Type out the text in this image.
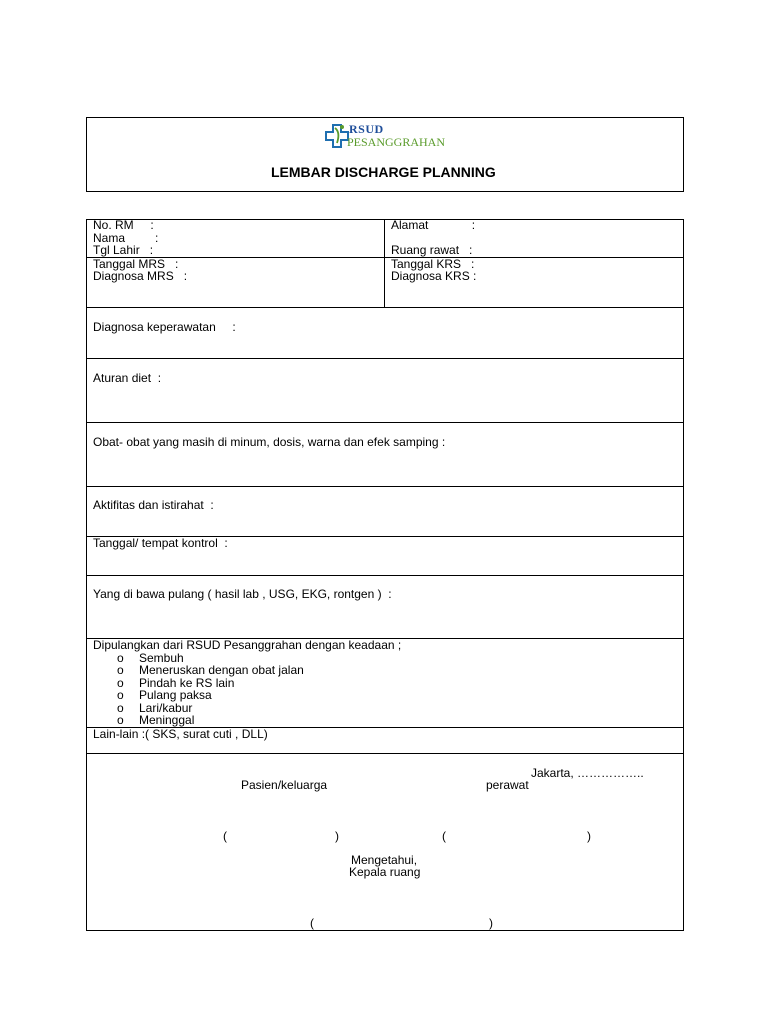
RSUD
PESANGGRAHAN
LEMBAR DISCHARGE PLANNING
No. RM     :
Nama         :
Tgl Lahir   :
Tanggal MRS   :
Diagnosa MRS   :
Alamat             :
Ruang rawat   :
Tanggal KRS   :
Diagnosa KRS :
Diagnosa keperawatan     :
Aturan diet  :
Obat- obat yang masih di minum, dosis, warna dan efek samping :
Aktifitas dan istirahat  :
Tanggal/ tempat kontrol  :
Yang di bawa pulang ( hasil lab , USG, EKG, rontgen )  :
Dipulangkan dari RSUD Pesanggrahan dengan keadaan ;
o Sembuh
o Meneruskan dengan obat jalan
o Pindah ke RS lain
o Pulang paksa
o Lari/kabur
o Meninggal
Lain-lain :( SKS, surat cuti , DLL)
Jakarta, ……………..
Pasien/keluarga	perawat
(	)	(	)
Mengetahui,
Kepala ruang
(	)
